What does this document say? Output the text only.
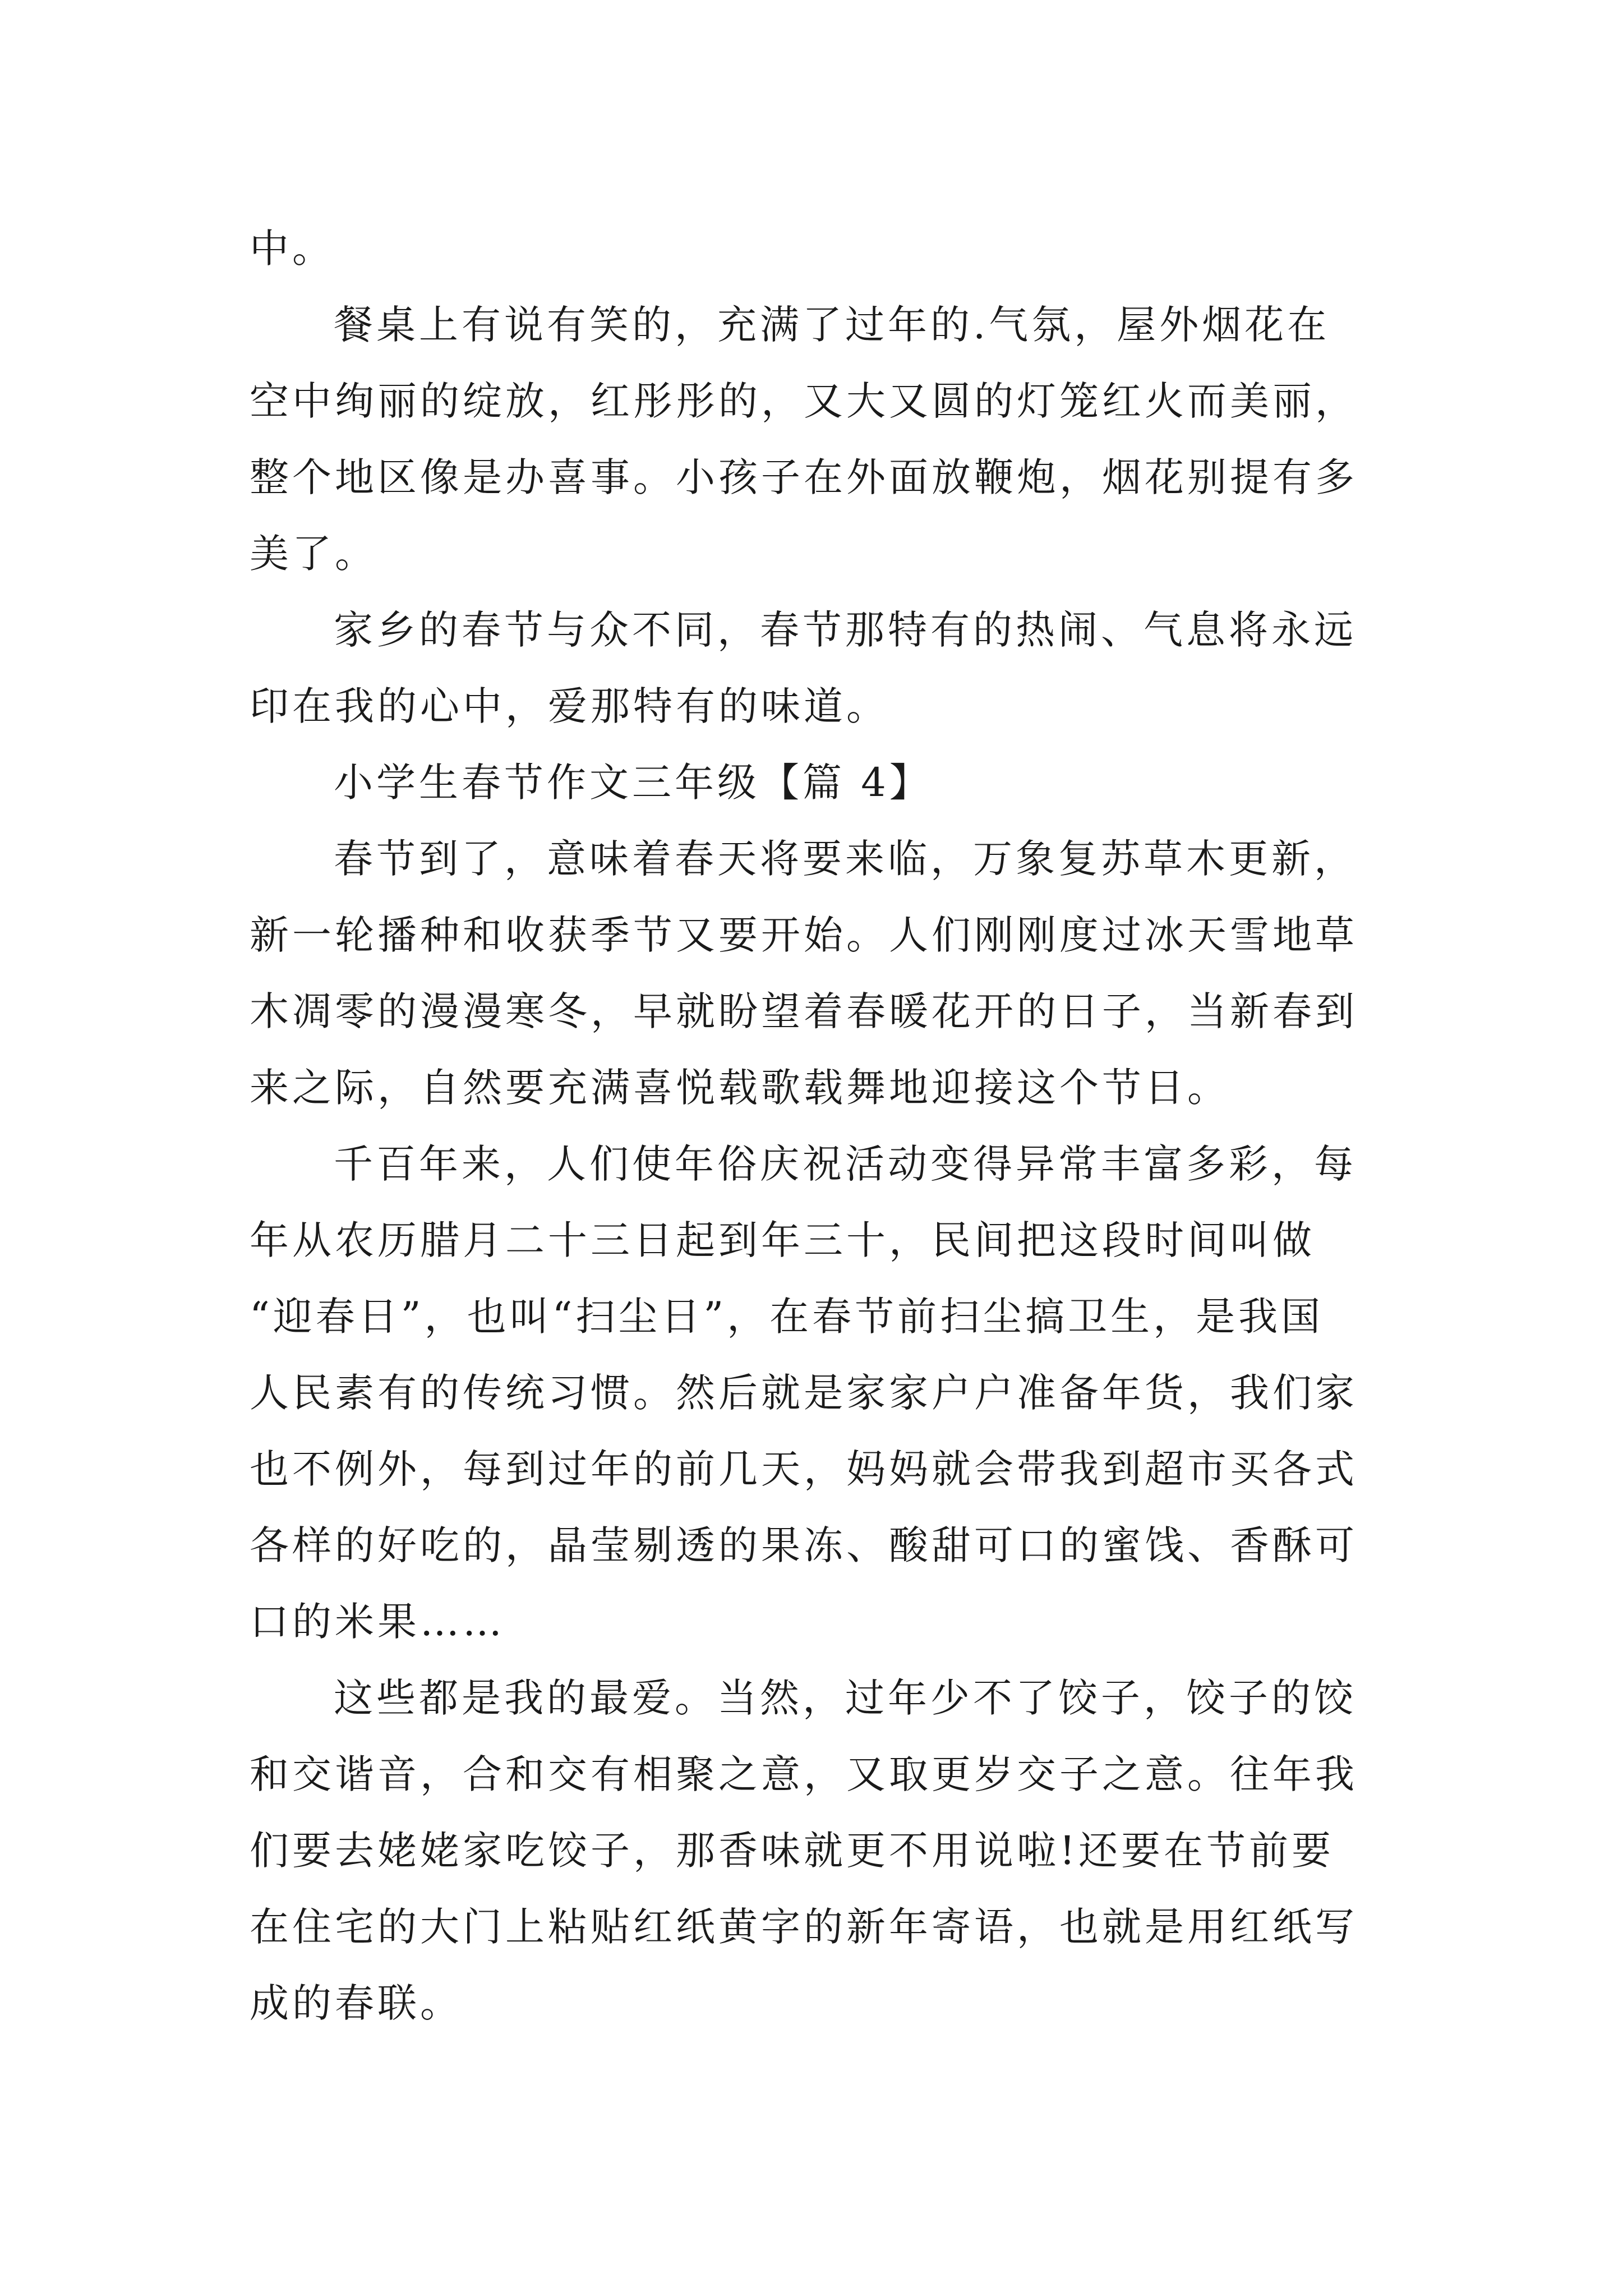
中。
餐桌上有说有笑的，充满了过年的.气氛，屋外烟花在
空中绚丽的绽放，红彤彤的，又大又圆的灯笼红火而美丽，
整个地区像是办喜事。小孩子在外面放鞭炮，烟花别提有多
美了。
家乡的春节与众不同，春节那特有的热闹、气息将永远
印在我的心中，爱那特有的味道。
小学生春节作文三年级【篇 4】
春节到了，意味着春天将要来临，万象复苏草木更新，
新一轮播种和收获季节又要开始。人们刚刚度过冰天雪地草
木凋零的漫漫寒冬，早就盼望着春暖花开的日子，当新春到
来之际，自然要充满喜悦载歌载舞地迎接这个节日。
千百年来，人们使年俗庆祝活动变得异常丰富多彩，每
年从农历腊月二十三日起到年三十，民间把这段时间叫做
“迎春日”，也叫“扫尘日”，在春节前扫尘搞卫生，是我国
人民素有的传统习惯。然后就是家家户户准备年货，我们家
也不例外，每到过年的前几天，妈妈就会带我到超市买各式
各样的好吃的，晶莹剔透的果冻、酸甜可口的蜜饯、香酥可
口的米果……
这些都是我的最爱。当然，过年少不了饺子，饺子的饺
和交谐音，合和交有相聚之意，又取更岁交子之意。往年我
们要去姥姥家吃饺子，那香味就更不用说啦!还要在节前要
在住宅的大门上粘贴红纸黄字的新年寄语，也就是用红纸写
成的春联。
